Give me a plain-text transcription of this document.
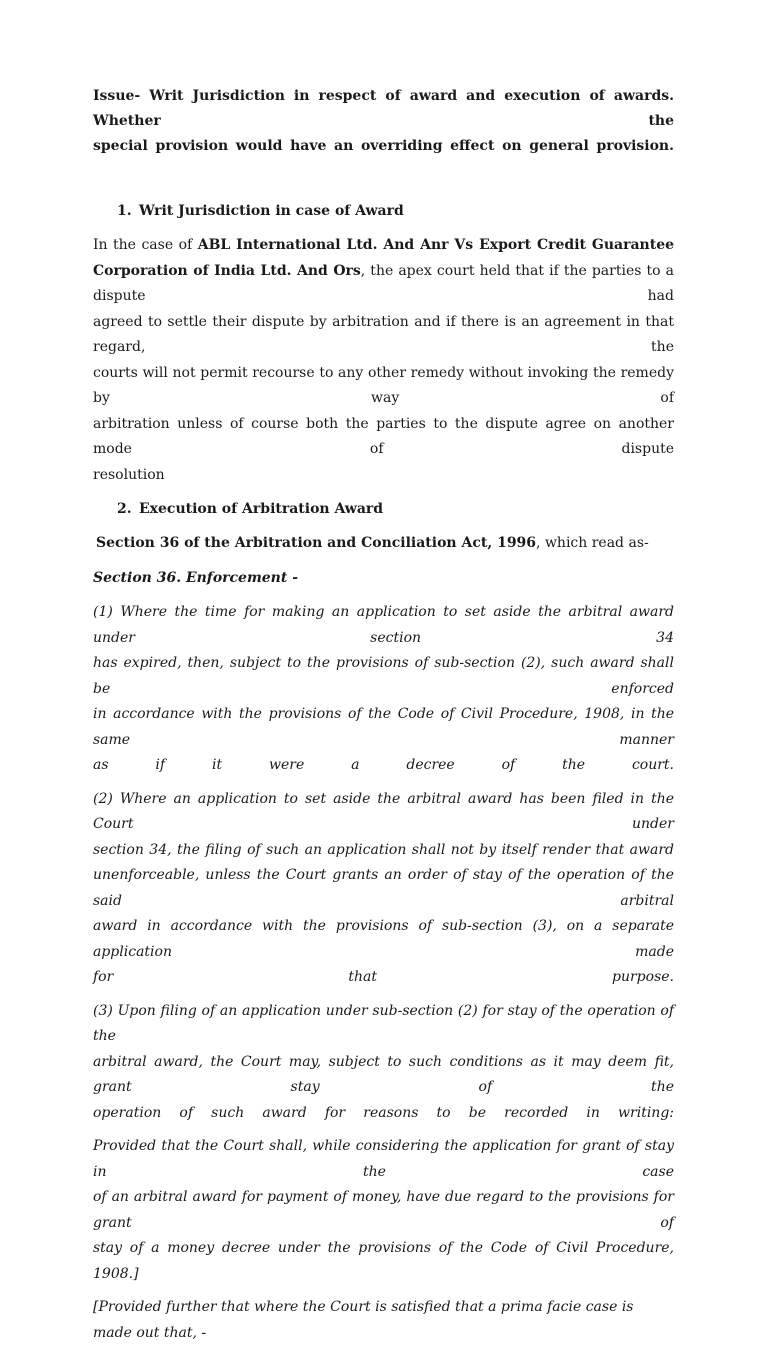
Issue- Writ Jurisdiction in respect of award and execution of awards. Whether the
special provision would have an overriding effect on general provision.

1. Writ Jurisdiction in case of Award

In the case of ABL International Ltd. And Anr Vs Export Credit Guarantee
Corporation of India Ltd. And Ors, the apex court held that if the parties to a dispute had
agreed to settle their dispute by arbitration and if there is an agreement in that regard, the
courts will not permit recourse to any other remedy without invoking the remedy by way of
arbitration unless of course both the parties to the dispute agree on another mode of dispute
resolution

2. Execution of Arbitration Award

Section 36 of the Arbitration and Conciliation Act, 1996, which read as-

Section 36. Enforcement -

(1) Where the time for making an application to set aside the arbitral award under section 34
has expired, then, subject to the provisions of sub-section (2), such award shall be enforced
in accordance with the provisions of the Code of Civil Procedure, 1908, in the same manner
as if it were a decree of the court.

(2) Where an application to set aside the arbitral award has been filed in the Court under
section 34, the filing of such an application shall not by itself render that award
unenforceable, unless the Court grants an order of stay of the operation of the said arbitral
award in accordance with the provisions of sub-section (3), on a separate application made
for that purpose.

(3) Upon filing of an application under sub-section (2) for stay of the operation of the
arbitral award, the Court may, subject to such conditions as it may deem fit, grant stay of the
operation of such award for reasons to be recorded in writing:

Provided that the Court shall, while considering the application for grant of stay in the case
of an arbitral award for payment of money, have due regard to the provisions for grant of
stay of a money decree under the provisions of the Code of Civil Procedure, 1908.]

[Provided further that where the Court is satisfied that a prima facie case is made out that, -
